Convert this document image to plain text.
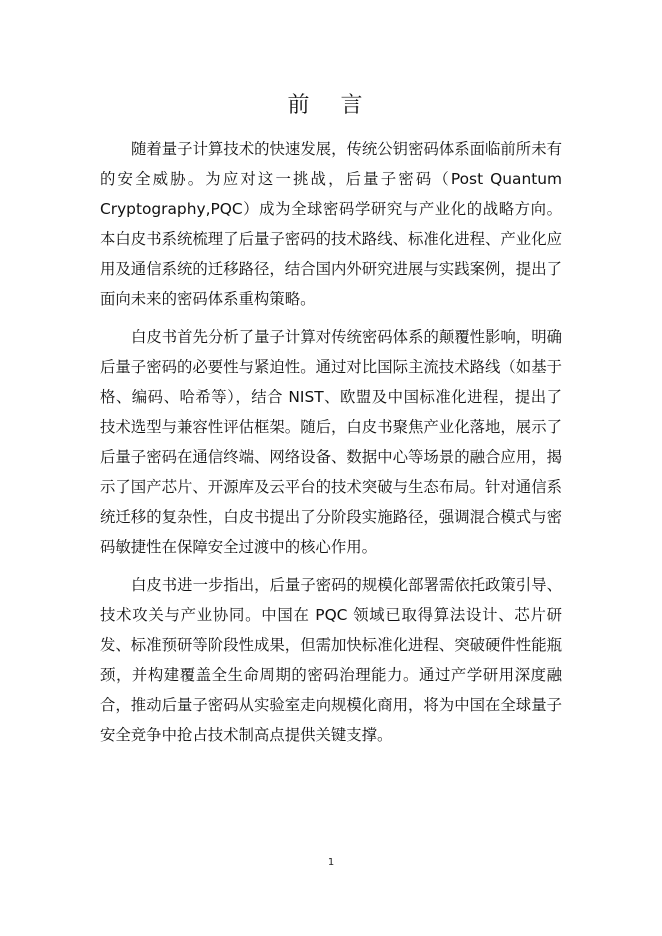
前 言

随着量子计算技术的快速发展，传统公钥密码体系面临前所未有的安全威胁。为应对这一挑战，后量子密码（Post Quantum Cryptography,PQC）成为全球密码学研究与产业化的战略方向。本白皮书系统梳理了后量子密码的技术路线、标准化进程、产业化应用及通信系统的迁移路径，结合国内外研究进展与实践案例，提出了面向未来的密码体系重构策略。

白皮书首先分析了量子计算对传统密码体系的颠覆性影响，明确后量子密码的必要性与紧迫性。通过对比国际主流技术路线（如基于格、编码、哈希等），结合 NIST、欧盟及中国标准化进程，提出了技术选型与兼容性评估框架。随后，白皮书聚焦产业化落地，展示了后量子密码在通信终端、网络设备、数据中心等场景的融合应用，揭示了国产芯片、开源库及云平台的技术突破与生态布局。针对通信系统迁移的复杂性，白皮书提出了分阶段实施路径，强调混合模式与密码敏捷性在保障安全过渡中的核心作用。

白皮书进一步指出，后量子密码的规模化部署需依托政策引导、技术攻关与产业协同。中国在 PQC 领域已取得算法设计、芯片研发、标准预研等阶段性成果，但需加快标准化进程、突破硬件性能瓶颈，并构建覆盖全生命周期的密码治理能力。通过产学研用深度融合，推动后量子密码从实验室走向规模化商用，将为中国在全球量子安全竞争中抢占技术制高点提供关键支撑。

1
